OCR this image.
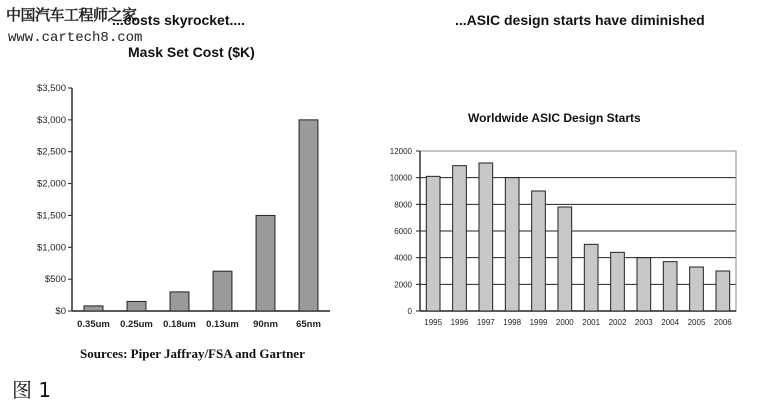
中国汽车工程师之家
www.cartech8.com
...costs skyrocket....	...ASIC design starts have diminished
Mask Set Cost ($K)
Worldwide ASIC Design Starts
$0
$500
$1,000
$1,500
$2,000
$2,500
$3,000
$3,500
0.35um 0.25um 0.18um 0.13um 90nm 65nm
0
2000
4000
6000
8000
10000
12000
1995 1996 1997 1998 1999 2000 2001 2002 2003 2004 2005 2006
Sources: Piper Jaffray/FSA and Gartner
图 1
